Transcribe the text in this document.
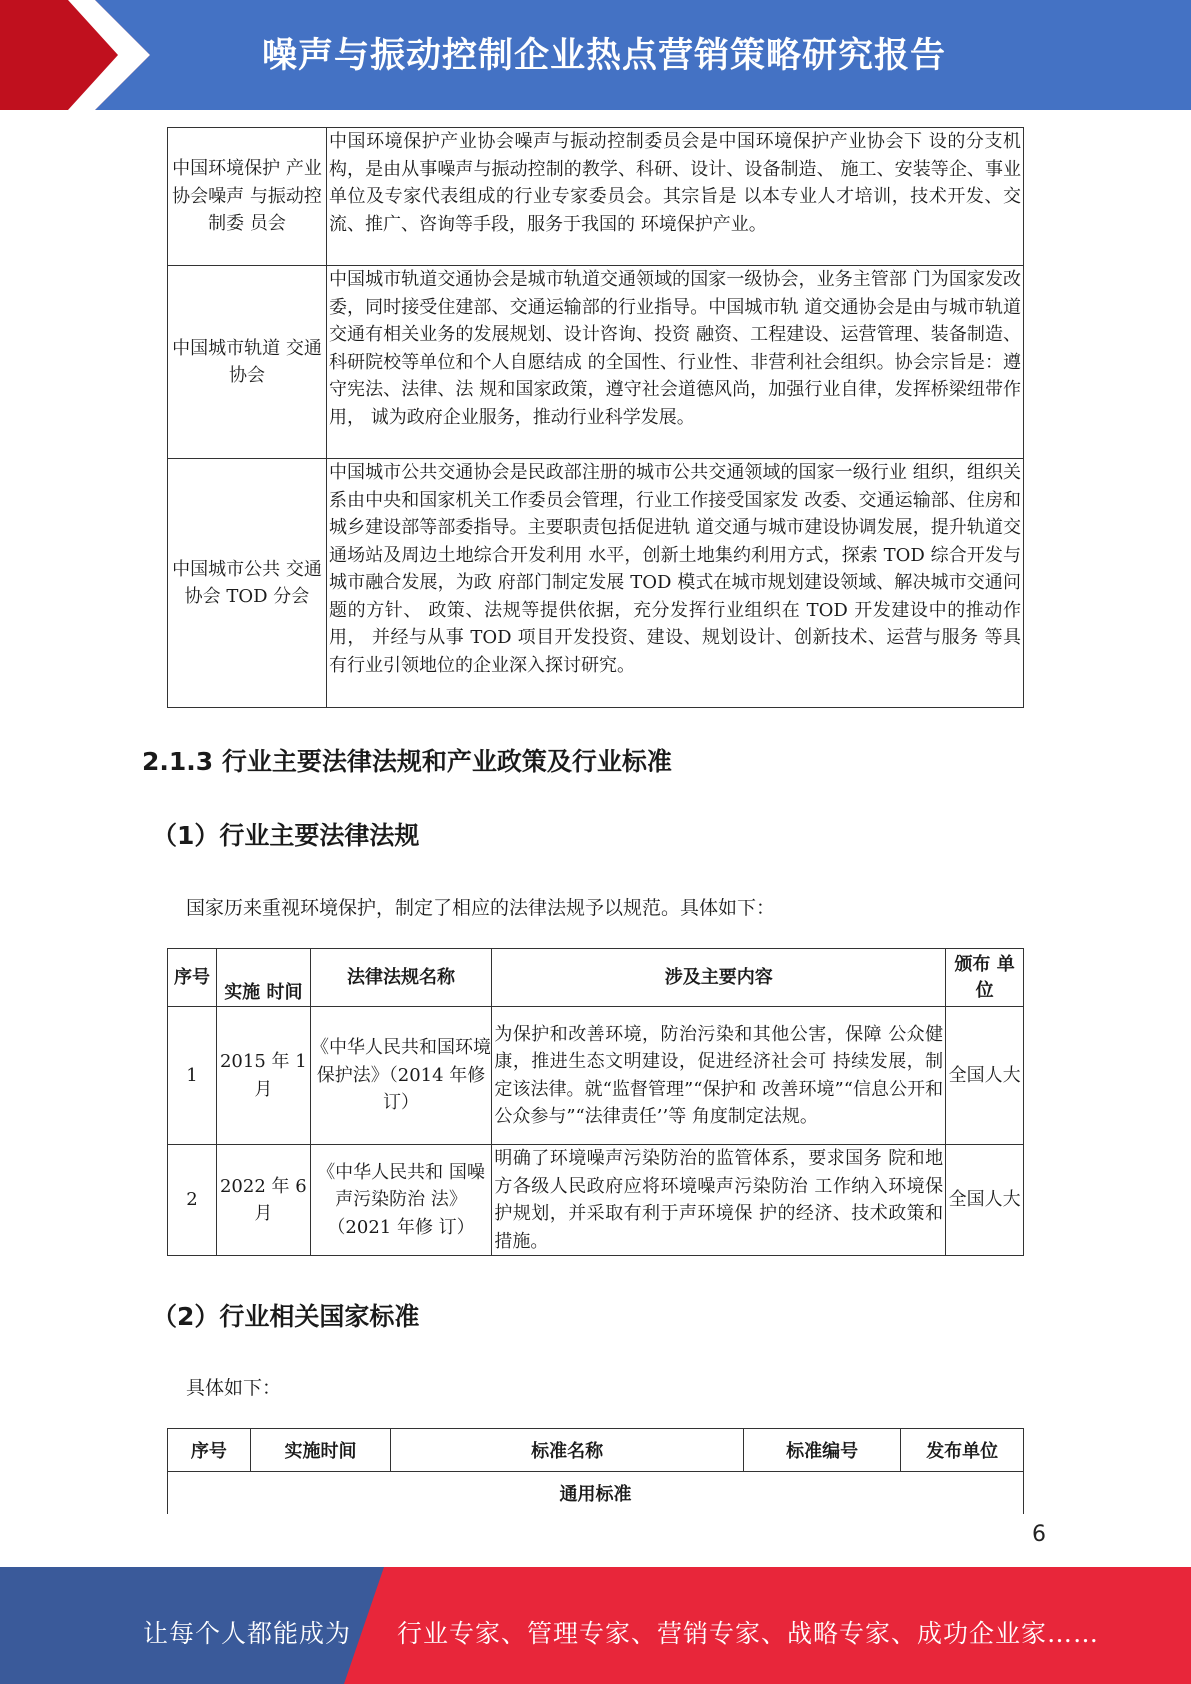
噪声与振动控制企业热点营销策略研究报告
中国环境保护 产业协会噪声 与振动控制委 员会	中国环境保护产业协会噪声与振动控制委员会是中国环境保护产业协会下 设的分支机构，是由从事噪声与振动控制的教学、科研、设计、设备制造、 施工、安装等企、事业单位及专家代表组成的行业专家委员会。其宗旨是 以本专业人才培训，技术开发、交流、推广、咨询等手段，服务于我国的 环境保护产业。
中国城市轨道 交通协会	中国城市轨道交通协会是城市轨道交通领域的国家一级协会，业务主管部 门为国家发改委，同时接受住建部、交通运输部的行业指导。中国城市轨 道交通协会是由与城市轨道交通有相关业务的发展规划、设计咨询、投资 融资、工程建设、运营管理、装备制造、科研院校等单位和个人自愿结成 的全国性、行业性、非营利社会组织。协会宗旨是：遵守宪法、法律、法 规和国家政策，遵守社会道德风尚，加强行业自律，发挥桥梁纽带作用， 诚为政府企业服务，推动行业科学发展。
中国城市公共 交通协会 TOD 分会	中国城市公共交通协会是民政部注册的城市公共交通领域的国家一级行业 组织，组织关系由中央和国家机关工作委员会管理，行业工作接受国家发 改委、交通运输部、住房和城乡建设部等部委指导。主要职责包括促进轨 道交通与城市建设协调发展，提升轨道交通场站及周边土地综合开发利用 水平，创新土地集约利用方式，探索 TOD 综合开发与城市融合发展，为政 府部门制定发展 TOD 模式在城市规划建设领域、解决城市交通问题的方针、 政策、法规等提供依据，充分发挥行业组织在 TOD 开发建设中的推动作用， 并经与从事 TOD 项目开发投资、建设、规划设计、创新技术、运营与服务 等具有行业引领地位的企业深入探讨研究。
2.1.3 行业主要法律法规和产业政策及行业标准
（1）行业主要法律法规
国家历来重视环境保护，制定了相应的法律法规予以规范。具体如下：
序号	实施 时间	法律法规名称	涉及主要内容	颁布 单位
1	2015 年 1 月	《中华人民共和国环境保护法》（2014 年修订）	为保护和改善环境，防治污染和其他公害，保障 公众健康，推进生态文明建设，促进经济社会可 持续发展，制定该法律。就“监督管理”“保护和 改善环境”“信息公开和公众参与”“法律责任’’等 角度制定法规。	全国人大
2	2022 年 6 月	《中华人民共和 国噪声污染防治 法》（2021 年修 订）	明确了环境噪声污染防治的监管体系，要求国务 院和地方各级人民政府应将环境噪声污染防治 工作纳入环境保护规划，并采取有利于声环境保 护的经济、技术政策和措施。	全国人大
（2）行业相关国家标准
具体如下：
序号	实施时间	标准名称	标准编号	发布单位
通用标准
6
让每个人都能成为 行业专家、管理专家、营销专家、战略专家、成功企业家……
